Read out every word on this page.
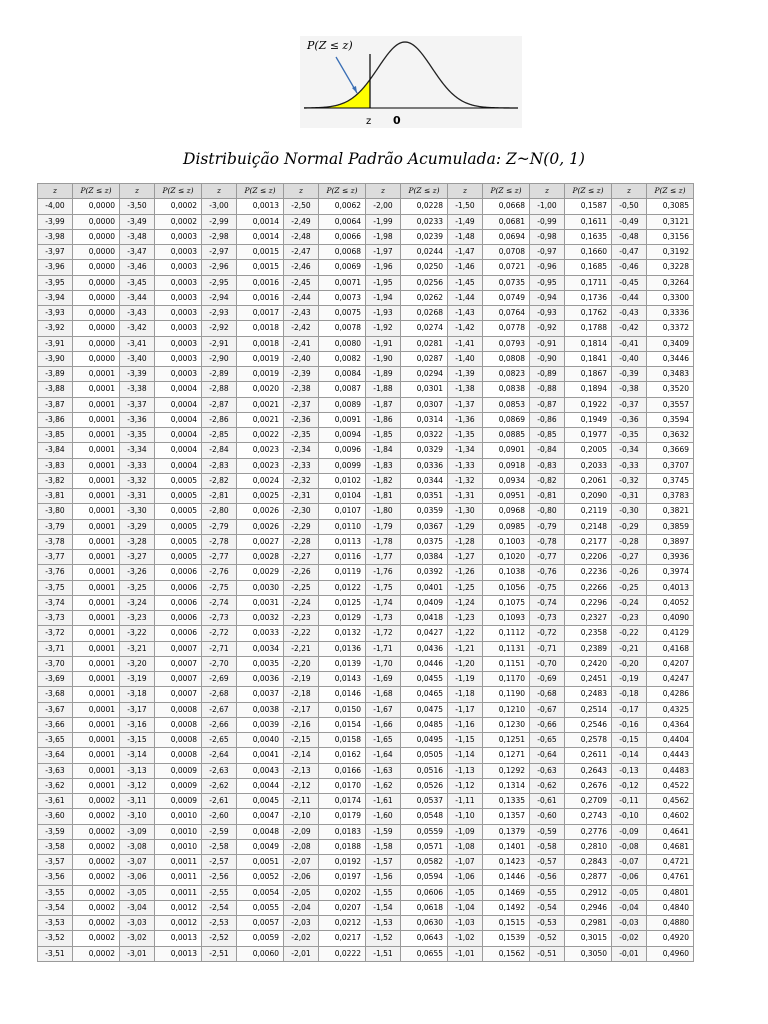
P(Z ≤ z)
z 0
Distribuição Normal Padrão Acumulada: Z~N(0, 1)
z	P(Z ≤ z)	z	P(Z ≤ z)	z	P(Z ≤ z)	z	P(Z ≤ z)	z	P(Z ≤ z)	z	P(Z ≤ z)	z	P(Z ≤ z)	z	P(Z ≤ z)
-4,00	0,0000	-3,50	0,0002	-3,00	0,0013	-2,50	0,0062	-2,00	0,0228	-1,50	0,0668	-1,00	0,1587	-0,50	0,3085
-3,99	0,0000	-3,49	0,0002	-2,99	0,0014	-2,49	0,0064	-1,99	0,0233	-1,49	0,0681	-0,99	0,1611	-0,49	0,3121
-3,98	0,0000	-3,48	0,0003	-2,98	0,0014	-2,48	0,0066	-1,98	0,0239	-1,48	0,0694	-0,98	0,1635	-0,48	0,3156
-3,97	0,0000	-3,47	0,0003	-2,97	0,0015	-2,47	0,0068	-1,97	0,0244	-1,47	0,0708	-0,97	0,1660	-0,47	0,3192
-3,96	0,0000	-3,46	0,0003	-2,96	0,0015	-2,46	0,0069	-1,96	0,0250	-1,46	0,0721	-0,96	0,1685	-0,46	0,3228
-3,95	0,0000	-3,45	0,0003	-2,95	0,0016	-2,45	0,0071	-1,95	0,0256	-1,45	0,0735	-0,95	0,1711	-0,45	0,3264
-3,94	0,0000	-3,44	0,0003	-2,94	0,0016	-2,44	0,0073	-1,94	0,0262	-1,44	0,0749	-0,94	0,1736	-0,44	0,3300
-3,93	0,0000	-3,43	0,0003	-2,93	0,0017	-2,43	0,0075	-1,93	0,0268	-1,43	0,0764	-0,93	0,1762	-0,43	0,3336
-3,92	0,0000	-3,42	0,0003	-2,92	0,0018	-2,42	0,0078	-1,92	0,0274	-1,42	0,0778	-0,92	0,1788	-0,42	0,3372
-3,91	0,0000	-3,41	0,0003	-2,91	0,0018	-2,41	0,0080	-1,91	0,0281	-1,41	0,0793	-0,91	0,1814	-0,41	0,3409
-3,90	0,0000	-3,40	0,0003	-2,90	0,0019	-2,40	0,0082	-1,90	0,0287	-1,40	0,0808	-0,90	0,1841	-0,40	0,3446
-3,89	0,0001	-3,39	0,0003	-2,89	0,0019	-2,39	0,0084	-1,89	0,0294	-1,39	0,0823	-0,89	0,1867	-0,39	0,3483
-3,88	0,0001	-3,38	0,0004	-2,88	0,0020	-2,38	0,0087	-1,88	0,0301	-1,38	0,0838	-0,88	0,1894	-0,38	0,3520
-3,87	0,0001	-3,37	0,0004	-2,87	0,0021	-2,37	0,0089	-1,87	0,0307	-1,37	0,0853	-0,87	0,1922	-0,37	0,3557
-3,86	0,0001	-3,36	0,0004	-2,86	0,0021	-2,36	0,0091	-1,86	0,0314	-1,36	0,0869	-0,86	0,1949	-0,36	0,3594
-3,85	0,0001	-3,35	0,0004	-2,85	0,0022	-2,35	0,0094	-1,85	0,0322	-1,35	0,0885	-0,85	0,1977	-0,35	0,3632
-3,84	0,0001	-3,34	0,0004	-2,84	0,0023	-2,34	0,0096	-1,84	0,0329	-1,34	0,0901	-0,84	0,2005	-0,34	0,3669
-3,83	0,0001	-3,33	0,0004	-2,83	0,0023	-2,33	0,0099	-1,83	0,0336	-1,33	0,0918	-0,83	0,2033	-0,33	0,3707
-3,82	0,0001	-3,32	0,0005	-2,82	0,0024	-2,32	0,0102	-1,82	0,0344	-1,32	0,0934	-0,82	0,2061	-0,32	0,3745
-3,81	0,0001	-3,31	0,0005	-2,81	0,0025	-2,31	0,0104	-1,81	0,0351	-1,31	0,0951	-0,81	0,2090	-0,31	0,3783
-3,80	0,0001	-3,30	0,0005	-2,80	0,0026	-2,30	0,0107	-1,80	0,0359	-1,30	0,0968	-0,80	0,2119	-0,30	0,3821
-3,79	0,0001	-3,29	0,0005	-2,79	0,0026	-2,29	0,0110	-1,79	0,0367	-1,29	0,0985	-0,79	0,2148	-0,29	0,3859
-3,78	0,0001	-3,28	0,0005	-2,78	0,0027	-2,28	0,0113	-1,78	0,0375	-1,28	0,1003	-0,78	0,2177	-0,28	0,3897
-3,77	0,0001	-3,27	0,0005	-2,77	0,0028	-2,27	0,0116	-1,77	0,0384	-1,27	0,1020	-0,77	0,2206	-0,27	0,3936
-3,76	0,0001	-3,26	0,0006	-2,76	0,0029	-2,26	0,0119	-1,76	0,0392	-1,26	0,1038	-0,76	0,2236	-0,26	0,3974
-3,75	0,0001	-3,25	0,0006	-2,75	0,0030	-2,25	0,0122	-1,75	0,0401	-1,25	0,1056	-0,75	0,2266	-0,25	0,4013
-3,74	0,0001	-3,24	0,0006	-2,74	0,0031	-2,24	0,0125	-1,74	0,0409	-1,24	0,1075	-0,74	0,2296	-0,24	0,4052
-3,73	0,0001	-3,23	0,0006	-2,73	0,0032	-2,23	0,0129	-1,73	0,0418	-1,23	0,1093	-0,73	0,2327	-0,23	0,4090
-3,72	0,0001	-3,22	0,0006	-2,72	0,0033	-2,22	0,0132	-1,72	0,0427	-1,22	0,1112	-0,72	0,2358	-0,22	0,4129
-3,71	0,0001	-3,21	0,0007	-2,71	0,0034	-2,21	0,0136	-1,71	0,0436	-1,21	0,1131	-0,71	0,2389	-0,21	0,4168
-3,70	0,0001	-3,20	0,0007	-2,70	0,0035	-2,20	0,0139	-1,70	0,0446	-1,20	0,1151	-0,70	0,2420	-0,20	0,4207
-3,69	0,0001	-3,19	0,0007	-2,69	0,0036	-2,19	0,0143	-1,69	0,0455	-1,19	0,1170	-0,69	0,2451	-0,19	0,4247
-3,68	0,0001	-3,18	0,0007	-2,68	0,0037	-2,18	0,0146	-1,68	0,0465	-1,18	0,1190	-0,68	0,2483	-0,18	0,4286
-3,67	0,0001	-3,17	0,0008	-2,67	0,0038	-2,17	0,0150	-1,67	0,0475	-1,17	0,1210	-0,67	0,2514	-0,17	0,4325
-3,66	0,0001	-3,16	0,0008	-2,66	0,0039	-2,16	0,0154	-1,66	0,0485	-1,16	0,1230	-0,66	0,2546	-0,16	0,4364
-3,65	0,0001	-3,15	0,0008	-2,65	0,0040	-2,15	0,0158	-1,65	0,0495	-1,15	0,1251	-0,65	0,2578	-0,15	0,4404
-3,64	0,0001	-3,14	0,0008	-2,64	0,0041	-2,14	0,0162	-1,64	0,0505	-1,14	0,1271	-0,64	0,2611	-0,14	0,4443
-3,63	0,0001	-3,13	0,0009	-2,63	0,0043	-2,13	0,0166	-1,63	0,0516	-1,13	0,1292	-0,63	0,2643	-0,13	0,4483
-3,62	0,0001	-3,12	0,0009	-2,62	0,0044	-2,12	0,0170	-1,62	0,0526	-1,12	0,1314	-0,62	0,2676	-0,12	0,4522
-3,61	0,0002	-3,11	0,0009	-2,61	0,0045	-2,11	0,0174	-1,61	0,0537	-1,11	0,1335	-0,61	0,2709	-0,11	0,4562
-3,60	0,0002	-3,10	0,0010	-2,60	0,0047	-2,10	0,0179	-1,60	0,0548	-1,10	0,1357	-0,60	0,2743	-0,10	0,4602
-3,59	0,0002	-3,09	0,0010	-2,59	0,0048	-2,09	0,0183	-1,59	0,0559	-1,09	0,1379	-0,59	0,2776	-0,09	0,4641
-3,58	0,0002	-3,08	0,0010	-2,58	0,0049	-2,08	0,0188	-1,58	0,0571	-1,08	0,1401	-0,58	0,2810	-0,08	0,4681
-3,57	0,0002	-3,07	0,0011	-2,57	0,0051	-2,07	0,0192	-1,57	0,0582	-1,07	0,1423	-0,57	0,2843	-0,07	0,4721
-3,56	0,0002	-3,06	0,0011	-2,56	0,0052	-2,06	0,0197	-1,56	0,0594	-1,06	0,1446	-0,56	0,2877	-0,06	0,4761
-3,55	0,0002	-3,05	0,0011	-2,55	0,0054	-2,05	0,0202	-1,55	0,0606	-1,05	0,1469	-0,55	0,2912	-0,05	0,4801
-3,54	0,0002	-3,04	0,0012	-2,54	0,0055	-2,04	0,0207	-1,54	0,0618	-1,04	0,1492	-0,54	0,2946	-0,04	0,4840
-3,53	0,0002	-3,03	0,0012	-2,53	0,0057	-2,03	0,0212	-1,53	0,0630	-1,03	0,1515	-0,53	0,2981	-0,03	0,4880
-3,52	0,0002	-3,02	0,0013	-2,52	0,0059	-2,02	0,0217	-1,52	0,0643	-1,02	0,1539	-0,52	0,3015	-0,02	0,4920
-3,51	0,0002	-3,01	0,0013	-2,51	0,0060	-2,01	0,0222	-1,51	0,0655	-1,01	0,1562	-0,51	0,3050	-0,01	0,4960
